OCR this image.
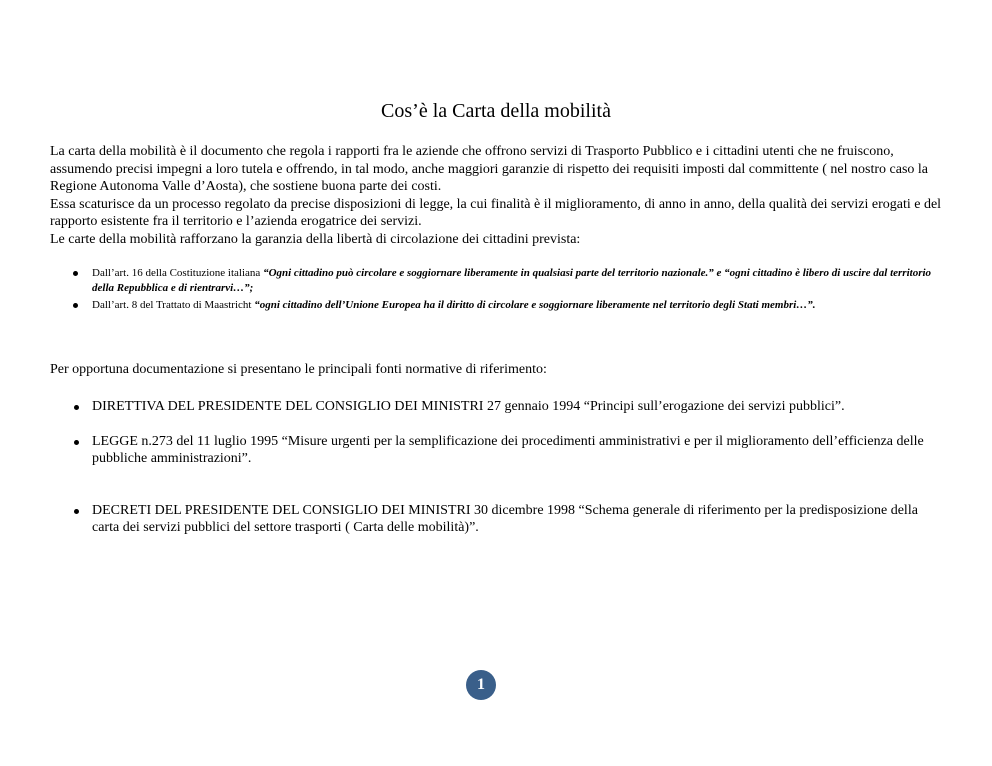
Cos’è la Carta della mobilità

La carta della mobilità è il documento che regola i rapporti fra le aziende che offrono servizi di Trasporto Pubblico e i cittadini utenti che ne fruiscono, assumendo precisi impegni a loro tutela e offrendo, in tal modo, anche maggiori garanzie di rispetto dei requisiti imposti dal committente ( nel nostro caso la Regione Autonoma Valle d’Aosta), che sostiene buona parte dei costi.

Essa scaturisce da un processo regolato da precise disposizioni di legge, la cui finalità è il miglioramento, di anno in anno, della qualità dei servizi erogati e del rapporto esistente fra il territorio e l’azienda erogatrice dei servizi.

Le carte della mobilità rafforzano la garanzia della libertà di circolazione dei cittadini prevista:

Dall’art. 16 della Costituzione italiana “Ogni cittadino può circolare e soggiornare liberamente in qualsiasi parte del territorio nazionale.” e “ogni cittadino è libero di uscire dal territorio della Repubblica e di rientrarvi…”;
Dall’art. 8 del Trattato di Maastricht “ogni cittadino dell’Unione Europea ha il diritto di circolare e soggiornare liberamente nel territorio degli Stati membri…”.

Per opportuna documentazione si presentano le principali fonti normative di riferimento:

DIRETTIVA DEL PRESIDENTE DEL CONSIGLIO DEI MINISTRI 27 gennaio 1994 “Principi sull’erogazione dei servizi pubblici”.
LEGGE n.273 del 11 luglio 1995 “Misure urgenti per la semplificazione dei procedimenti amministrativi e per il miglioramento dell’efficienza delle pubbliche amministrazioni”.
DECRETI DEL PRESIDENTE DEL CONSIGLIO DEI MINISTRI 30 dicembre 1998 “Schema generale di riferimento per la predisposizione della carta dei servizi pubblici del settore trasporti ( Carta delle mobilità)”.
1
